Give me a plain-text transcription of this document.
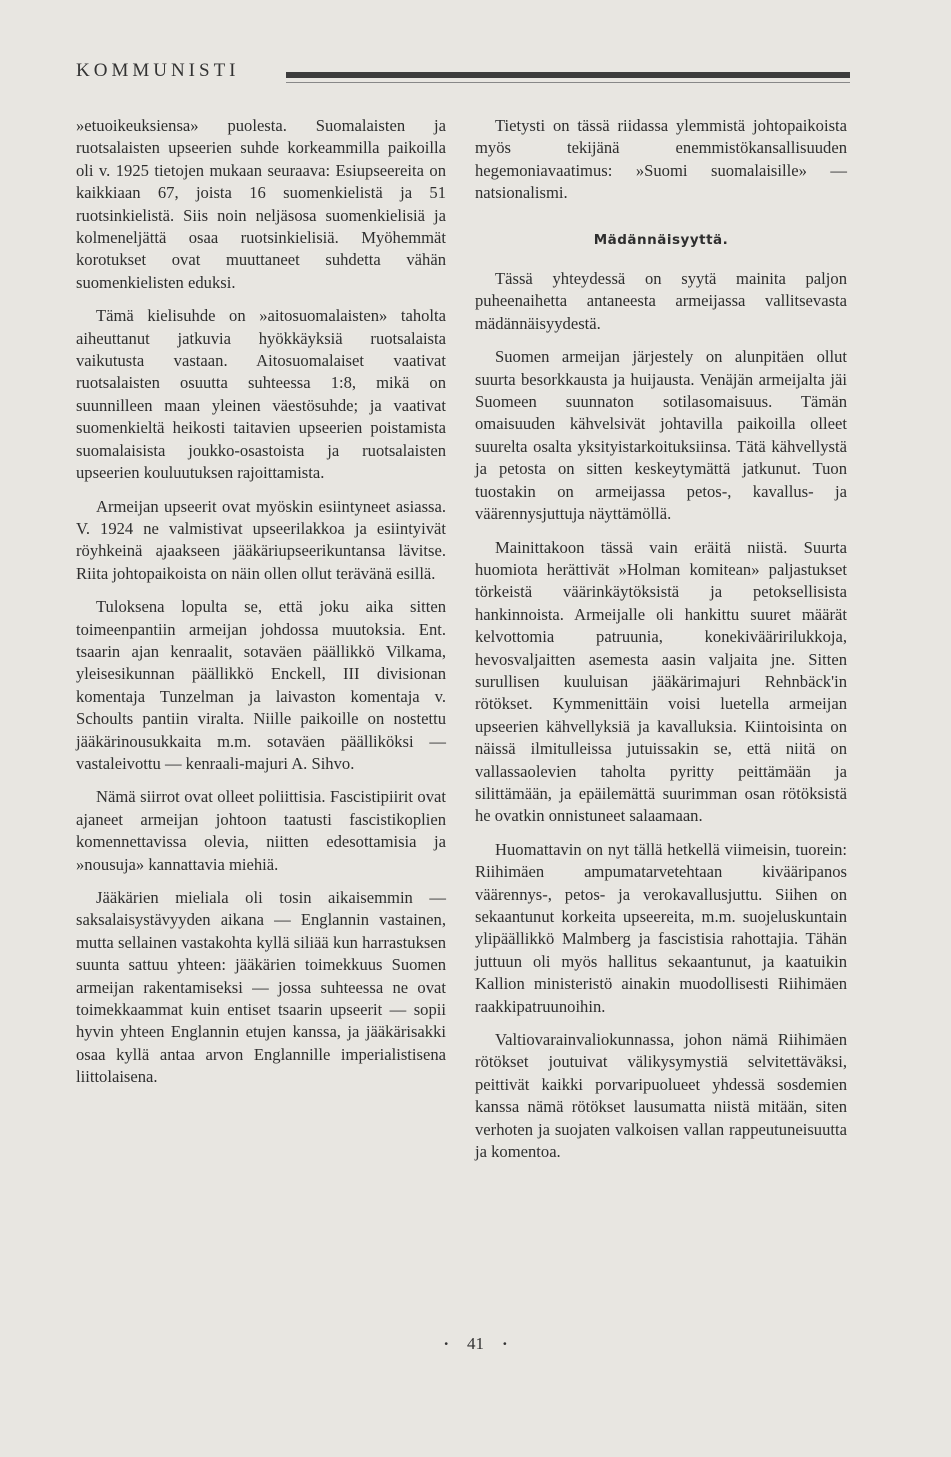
KOMMUNISTI

»etuoikeuksiensa» puolesta. Suomalaisten ja ruotsalaisten upseerien suhde korkeammilla paikoilla oli v. 1925 tietojen mukaan seuraava: Esiupseereita on kaikkiaan 67, joista 16 suomenkielistä ja 51 ruotsinkielistä. Siis noin neljäsosa suomenkielisiä ja kolmeneljättä osaa ruotsinkielisiä. Myöhemmät korotukset ovat muuttaneet suhdetta vähän suomenkielisten eduksi.

Tämä kielisuhde on »aitosuomalaisten» taholta aiheuttanut jatkuvia hyökkäyksiä ruotsalaista vaikutusta vastaan. Aitosuomalaiset vaativat ruotsalaisten osuutta suhteessa 1:8, mikä on suunnilleen maan yleinen väestösuhde; ja vaativat suomenkieltä heikosti taitavien upseerien poistamista suomalaisista joukko-osastoista ja ruotsalaisten upseerien kouluutuksen rajoittamista.

Armeijan upseerit ovat myöskin esiintyneet asiassa. V. 1924 ne valmistivat upseerilakkoa ja esiintyivät röyhkeinä ajaakseen jääkäriupseerikuntansa lävitse. Riita johtopaikoista on näin ollen ollut terävänä esillä.

Tuloksena lopulta se, että joku aika sitten toimeenpantiin armeijan johdossa muutoksia. Ent. tsaarin ajan kenraalit, sotaväen päällikkö Vilkama, yleisesikunnan päällikkö Enckell, III divisionan komentaja Tunzelman ja laivaston komentaja v. Schoults pantiin viralta. Niille paikoille on nostettu jääkärinousukkaita m.m. sotaväen päälliköksi — vastaleivottu — kenraali-majuri A. Sihvo.

Nämä siirrot ovat olleet poliittisia. Fascistipiirit ovat ajaneet armeijan johtoon taatusti fascistikoplien komennettavissa olevia, niitten edesottamisia ja »nousuja» kannattavia miehiä.

Jääkärien mieliala oli tosin aikaisemmin — saksalaisystävyyden aikana — Englannin vastainen, mutta sellainen vastakohta kyllä siliää kun harrastuksen suunta sattuu yhteen: jääkärien toimekkuus Suomen armeijan rakentamiseksi — jossa suhteessa ne ovat toimekkaammat kuin entiset tsaarin upseerit — sopii hyvin yhteen Englannin etujen kanssa, ja jääkärisakki osaa kyllä antaa arvon Englannille imperialistisena liittolaisena.

Tietysti on tässä riidassa ylemmistä johtopaikoista myös tekijänä enemmistökansallisuuden hegemoniavaatimus: »Suomi suomalaisille» — natsionalismi.

Mädännäisyyttä.

Tässä yhteydessä on syytä mainita paljon puheenaihetta antaneesta armeijassa vallitsevasta mädännäisyydestä.

Suomen armeijan järjestely on alunpitäen ollut suurta besorkkausta ja huijausta. Venäjän armeijalta jäi Suomeen suunnaton sotilasomaisuus. Tämän omaisuuden kähvelsivät johtavilla paikoilla olleet suurelta osalta yksityistarkoituksiinsa. Tätä kähvellystä ja petosta on sitten keskeytymättä jatkunut. Tuon tuostakin on armeijassa petos-, kavallus- ja väärennysjuttuja näyttämöllä.

Mainittakoon tässä vain eräitä niistä. Suurta huomiota herättivät »Holman komitean» paljastukset törkeistä väärinkäytöksistä ja petoksellisista hankinnoista. Armeijalle oli hankittu suuret määrät kelvottomia patruunia, konekivääririlukkoja, hevosvaljaitten asemesta aasin valjaita jne. Sitten surullisen kuuluisan jääkärimajuri Rehnbäck'in rötökset. Kymmenittäin voisi luetella armeijan upseerien kähvellyksiä ja kavalluksia. Kiintoisinta on näissä ilmitulleissa jutuissakin se, että niitä on vallassaolevien taholta pyritty peittämään ja silittämään, ja epäilemättä suurimman osan rötöksistä he ovatkin onnistuneet salaamaan.

Huomattavin on nyt tällä hetkellä viimeisin, tuorein: Riihimäen ampumatarvetehtaan kivääripanos väärennys-, petos- ja verokavallusjuttu. Siihen on sekaantunut korkeita upseereita, m.m. suojeluskuntain ylipäällikkö Malmberg ja fascistisia rahottajia. Tähän juttuun oli myös hallitus sekaantunut, ja kaatuikin Kallion ministeristö ainakin muodollisesti Riihimäen raakkipatruunoihin.

Valtiovarainvaliokunnassa, johon nämä Riihimäen rötökset joutuivat välikysymystiä selvitettäväksi, peittivät kaikki porvaripuolueet yhdessä sosdemien kanssa nämä rötökset lausumatta niistä mitään, siten verhoten ja suojaten valkoisen vallan rappeutuneisuutta ja komentoa.

· 41 ·
